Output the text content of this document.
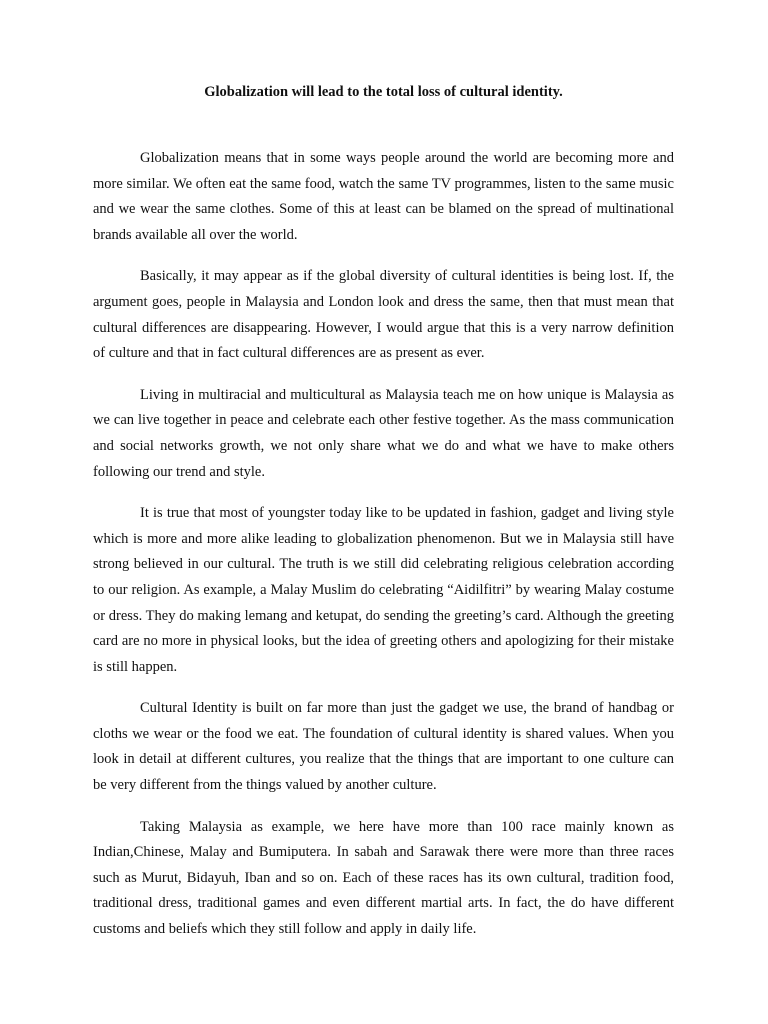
Globalization will lead to the total loss of cultural identity.

Globalization means that in some ways people around the world are becoming more and more similar. We often eat the same food, watch the same TV programmes, listen to the same music and we wear the same clothes. Some of this at least can be blamed on the spread of multinational brands available all over the world.

Basically, it may appear as if the global diversity of cultural identities is being lost. If, the argument goes, people in Malaysia and London look and dress the same, then that must mean that cultural differences are disappearing. However, I would argue that this is a very narrow definition of culture and that in fact cultural differences are as present as ever.

Living in multiracial and multicultural as Malaysia teach me on how unique is Malaysia as we can live together in peace and celebrate each other festive together. As the mass communication and social networks growth, we not only share what we do and what we have to make others following our trend and style.

It is true that most of youngster today like to be updated in fashion, gadget and living style which is more and more alike leading to globalization phenomenon. But we in Malaysia still have strong believed in our cultural. The truth is we still did celebrating religious celebration according to our religion. As example, a Malay Muslim do celebrating “Aidilfitri” by wearing Malay costume or dress. They do making lemang and ketupat, do sending the greeting’s card. Although the greeting card are no more in physical looks, but the idea of greeting others and apologizing for their mistake is still happen.

Cultural Identity is built on far more than just the gadget we use, the brand of handbag or cloths we wear or the food we eat. The foundation of cultural identity is shared values. When you look in detail at different cultures, you realize that the things that are important to one culture can be very different from the things valued by another culture.

Taking Malaysia as example, we here have more than 100 race mainly known as Indian,Chinese, Malay and Bumiputera. In sabah and Sarawak there were more than three races such as Murut, Bidayuh, Iban and so on. Each of these races has its own cultural, tradition food, traditional dress, traditional games and even different martial arts. In fact, the do have different customs and beliefs which they still follow and apply in daily life.
